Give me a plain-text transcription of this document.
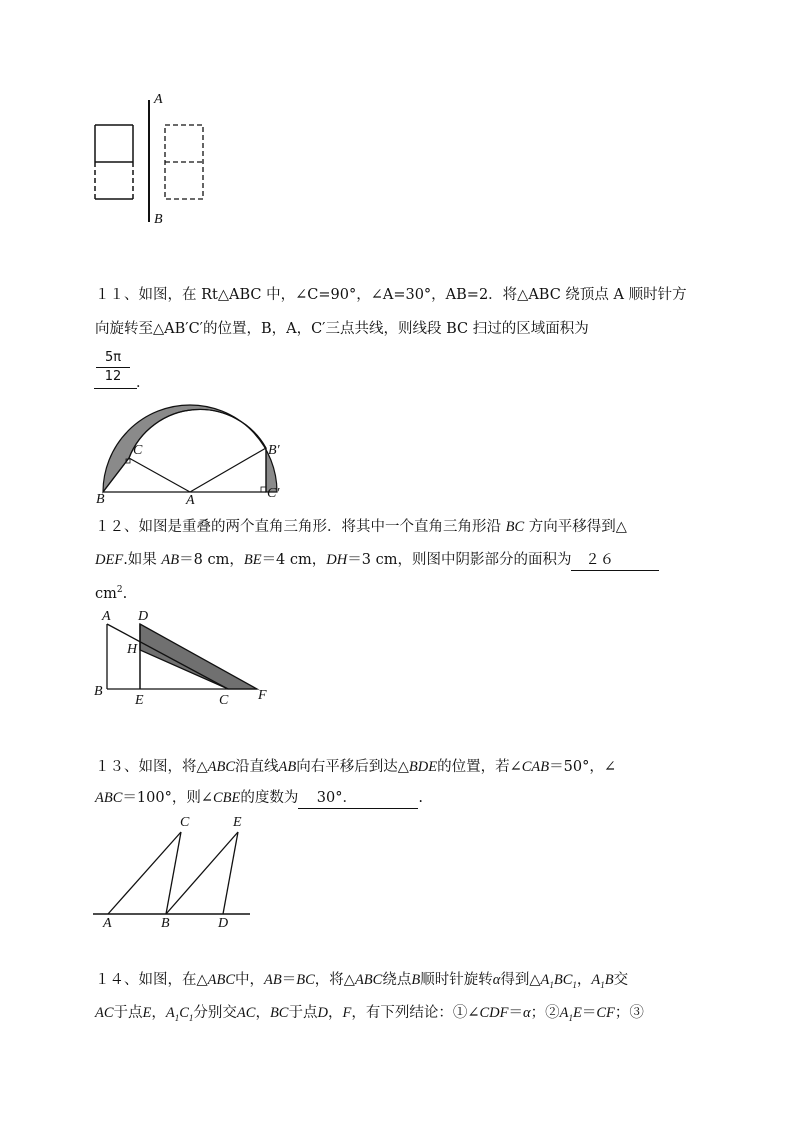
A
B
１１、如图，在 Rt△ABC 中，∠C=90°，∠A=30°，AB=2．将△ABC 绕顶点 A 顺时针方
向旋转至△AB′C′的位置，B，A，C′三点共线，则线段 BC 扫过的区域面积为
5π
12	．
C	B′
B	A	C′
１２、如图是重叠的两个直角三角形．将其中一个直角三角形沿 BC 方向平移得到△
DEF.如果 AB＝8 cm，BE＝4 cm，DH＝3 cm，则图中阴影部分的面积为 ２６
$cm^2$.
A D
H
B
E	C F
１３、如图，将△ABC沿直线AB向右平移后到达△BDE的位置，若∠CAB＝50°，∠
ABC＝100°，则∠CBE的度数为 30°．	.
C	E
A	B	D
１４、如图，在△ABC中，AB＝BC，将△ABC绕点B顺时针旋转α得到$\triangle A_1BC_1$，$A_1B$交
AC于点E，$A_1C_1$分别交AC，BC于点D，F，有下列结论：①∠CDF＝α；$②A_1E=CF$；③
